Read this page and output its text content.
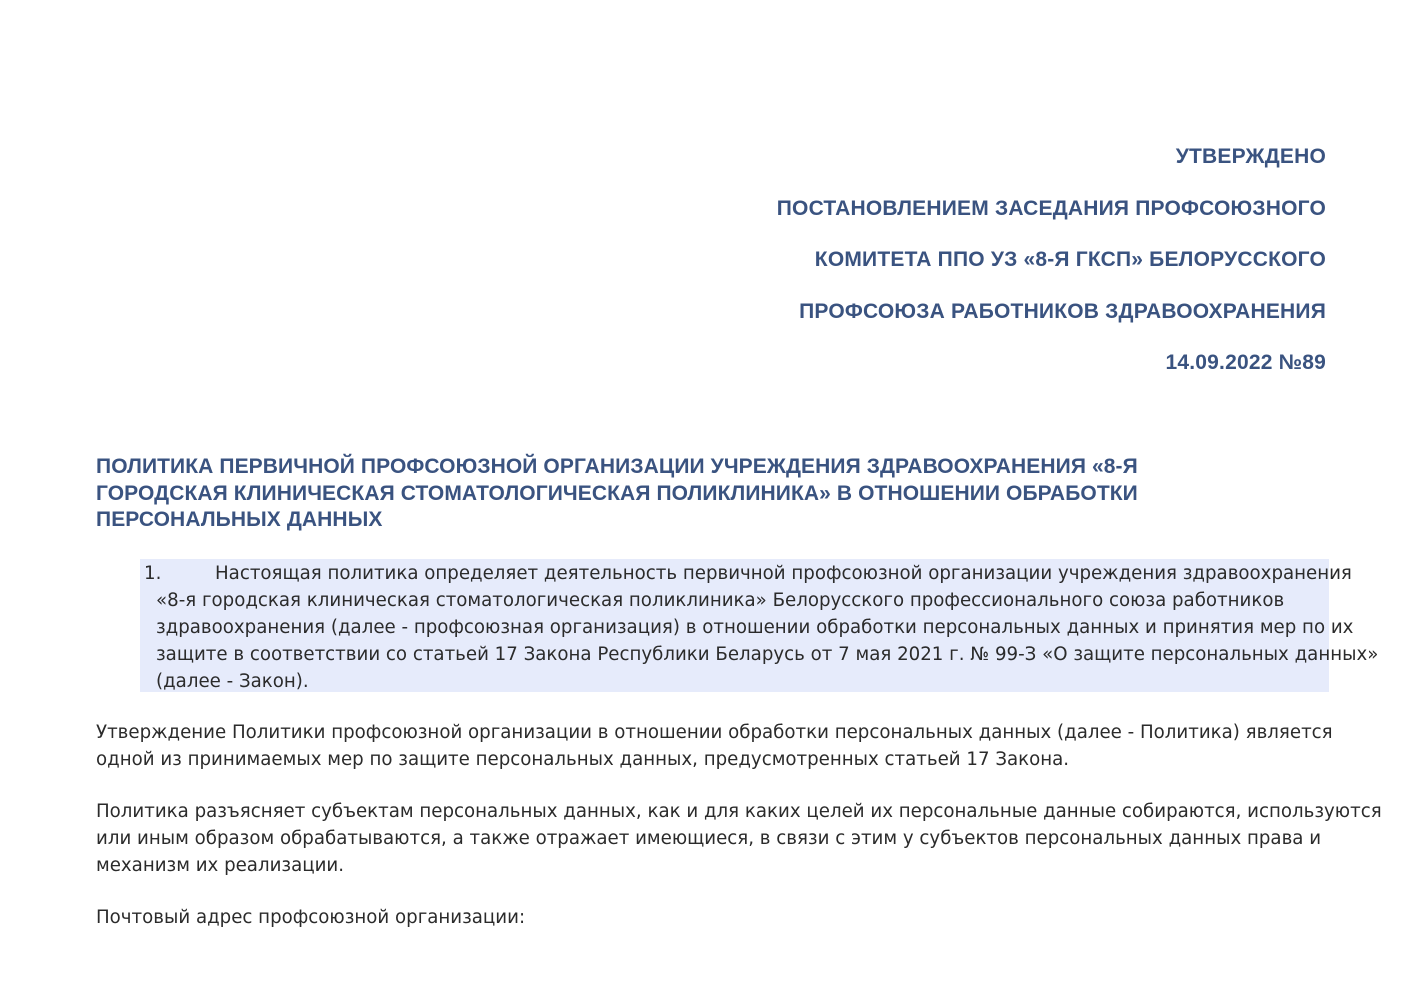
УТВЕРЖДЕНО
ПОСТАНОВЛЕНИЕМ ЗАСЕДАНИЯ ПРОФСОЮЗНОГО
КОМИТЕТА ППО УЗ «8-Я ГКСП» БЕЛОРУССКОГО
ПРОФСОЮЗА РАБОТНИКОВ ЗДРАВООХРАНЕНИЯ
14.09.2022 №89
ПОЛИТИКА ПЕРВИЧНОЙ ПРОФСОЮЗНОЙ ОРГАНИЗАЦИИ УЧРЕЖДЕНИЯ ЗДРАВООХРАНЕНИЯ «8-Я
ГОРОДСКАЯ КЛИНИЧЕСКАЯ СТОМАТОЛОГИЧЕСКАЯ ПОЛИКЛИНИКА» В ОТНОШЕНИИ ОБРАБОТКИ
ПЕРСОНАЛЬНЫХ ДАННЫХ
1.	Настоящая политика определяет деятельность первичной профсоюзной организации учреждения здравоохранения
«8-я городская клиническая стоматологическая поликлиника» Белорусского профессионального союза работников
здравоохранения (далее - профсоюзная организация) в отношении обработки персональных данных и принятия мер по их
защите в соответствии со статьей 17 Закона Республики Беларусь от 7 мая 2021 г. № 99-З «О защите персональных данных»
(далее - Закон).
Утверждение Политики профсоюзной организации в отношении обработки персональных данных (далее - Политика) является
одной из принимаемых мер по защите персональных данных, предусмотренных статьей 17 Закона.
Политика разъясняет субъектам персональных данных, как и для каких целей их персональные данные собираются, используются
или иным образом обрабатываются, а также отражает имеющиеся, в связи с этим у субъектов персональных данных права и
механизм их реализации.
Почтовый адрес профсоюзной организации:
